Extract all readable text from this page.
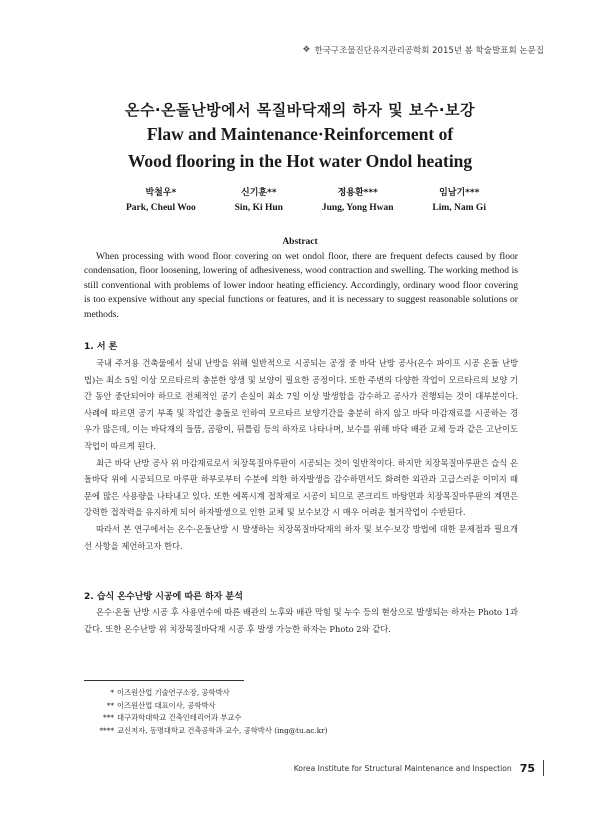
❖ 한국구조물진단유지관리공학회 2015년 봄 학술발표회 논문집
온수·온돌난방에서 목질바닥재의 하자 및 보수·보강
Flaw and Maintenance·Reinforcement of
Wood flooring in the Hot water Ondol heating
박철우*
Park, Cheul Woo
신기훈**
Sin, Ki Hun
정용환***
Jung, Yong Hwan
임남기***
Lim, Nam Gi
Abstract
When processing with wood floor covering on wet ondol floor, there are frequent defects caused by floor condensation, floor loosening, lowering of adhesiveness, wood contraction and swelling. The working method is still conventional with problems of lower indoor heating efficiency. Accordingly, ordinary wood floor covering is too expensive without any special functions or features, and it is necessary to suggest reasonable solutions or methods.
1. 서 론

국내 주거용 건축물에서 실내 난방을 위해 일반적으로 시공되는 공정 중 바닥 난방 공사(온수 파이프 시공 온돌 난방법)는 최소 5일 이상 모르타르의 충분한 양생 및 보양이 필요한 공정이다. 또한 주변의 다양한 작업이 모르타르의 보양 기간 동안 중단되어야 하므로 전체적인 공기 손실이 최소 7일 이상 발생함을 감수하고 공사가 진행되는 것이 대부분이다. 사례에 따르면 공기 부족 및 작업간 충돌로 인하여 모르타르 보양기간을 충분히 하지 않고 바닥 마감재료를 시공하는 경우가 많은데, 이는 바닥재의 들뜸, 곰팡이, 뒤틀림 등의 하자로 나타나며, 보수를 위해 바닥 배관 교체 등과 같은 고난이도 작업이 따르게 된다.

최근 바닥 난방 공사 위 마감재료로서 치장목질마루판이 시공되는 것이 일반적이다. 하지만 치장목질마루판은 습식 온돌바닥 위에 시공되므로 마루판 하부로부터 수분에 의한 하자발생을 감수하면서도 화려한 외관과 고급스러운 이미지 때문에 많은 사용량을 나타내고 있다. 또한 에폭시계 접착제로 시공이 되므로 콘크리트 바탕면과 치장목질마루판의 계면은 강력한 접착력을 유지하게 되어 하자발생으로 인한 교체 및 보수보강 시 매우 어려운 철거작업이 수반된다.

따라서 본 연구에서는 온수·온돌난방 시 발생하는 치장목질바닥재의 하자 및 보수·보강 방법에 대한 문제점과 필요개선 사항을 제언하고자 한다.

2. 습식 온수난방 시공에 따른 하자 분석

온수·온돌 난방 시공 후 사용연수에 따른 배관의 노후와 배관 막힘 및 누수 등의 현상으로 발생되는 하자는 Photo 1과 같다. 또한 온수난방 위 치장목질바닥재 시공 후 발생 가능한 하자는 Photo 2와 같다.

* 이즈원산업 기술연구소장, 공학박사
** 이즈원산업 대표이사, 공학박사
*** 대구과학대학교 건축인테리어과 부교수
**** 교신저자, 동명대학교 건축공학과 교수, 공학박사 (ing@tu.ac.kr)
Korea Institute for Structural Maintenance and Inspection 75
